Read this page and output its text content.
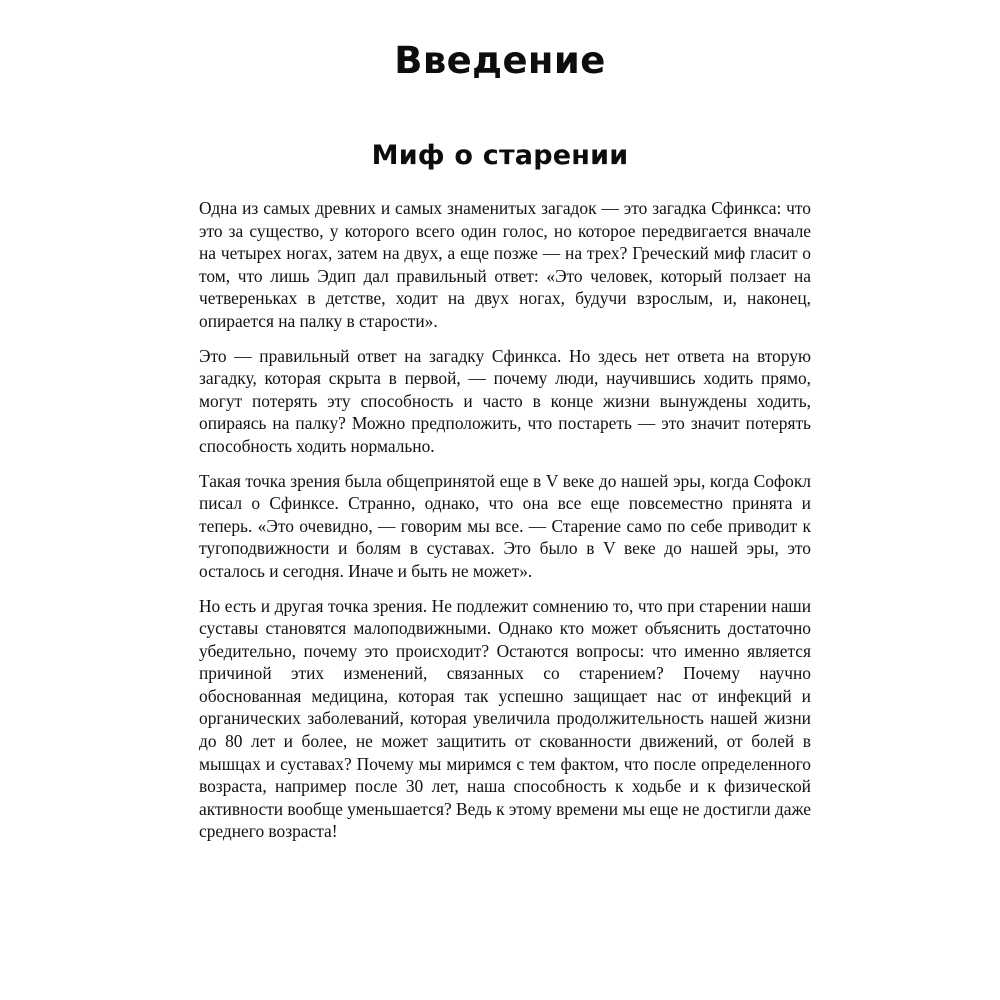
Введение
Миф о старении

Одна из самых древних и самых знаменитых загадок — это загадка Сфинкса: что это за существо, у которого всего один голос, но которое передвигается вначале на четырех ногах, затем на двух, а еще позже — на трех? Греческий миф гласит о том, что лишь Эдип дал правильный ответ: «Это человек, который ползает на четвереньках в детстве, ходит на двух ногах, будучи взрослым, и, наконец, опирается на палку в старости».

Это — правильный ответ на загадку Сфинкса. Но здесь нет ответа на вторую загадку, которая скрыта в первой, — почему люди, научившись ходить прямо, могут потерять эту способность и часто в конце жизни вынуждены ходить, опираясь на палку? Можно предположить, что постареть — это значит потерять способность ходить нормально.

Такая точка зрения была общепринятой еще в V веке до нашей эры, когда Софокл писал о Сфинксе. Странно, однако, что она все еще повсеместно принята и теперь. «Это очевидно, — говорим мы все. — Старение само по себе приводит к тугоподвижности и болям в суставах. Это было в V веке до нашей эры, это осталось и сегодня. Иначе и быть не может».

Но есть и другая точка зрения. Не подлежит сомнению то, что при старении наши суставы становятся малоподвижными. Однако кто может объяснить достаточно убедительно, почему это происходит? Остаются вопросы: что именно является причиной этих изменений, связанных со старением? Почему научно обоснованная медицина, которая так успешно защищает нас от инфекций и органических заболеваний, которая увеличила продолжительность нашей жизни до 80 лет и более, не может защитить от скованности движений, от болей в мышцах и суставах? Почему мы миримся с тем фактом, что после определенного возраста, например после 30 лет, наша способность к ходьбе и к физической активности вообще уменьшается? Ведь к этому времени мы еще не достигли даже среднего возраста!
